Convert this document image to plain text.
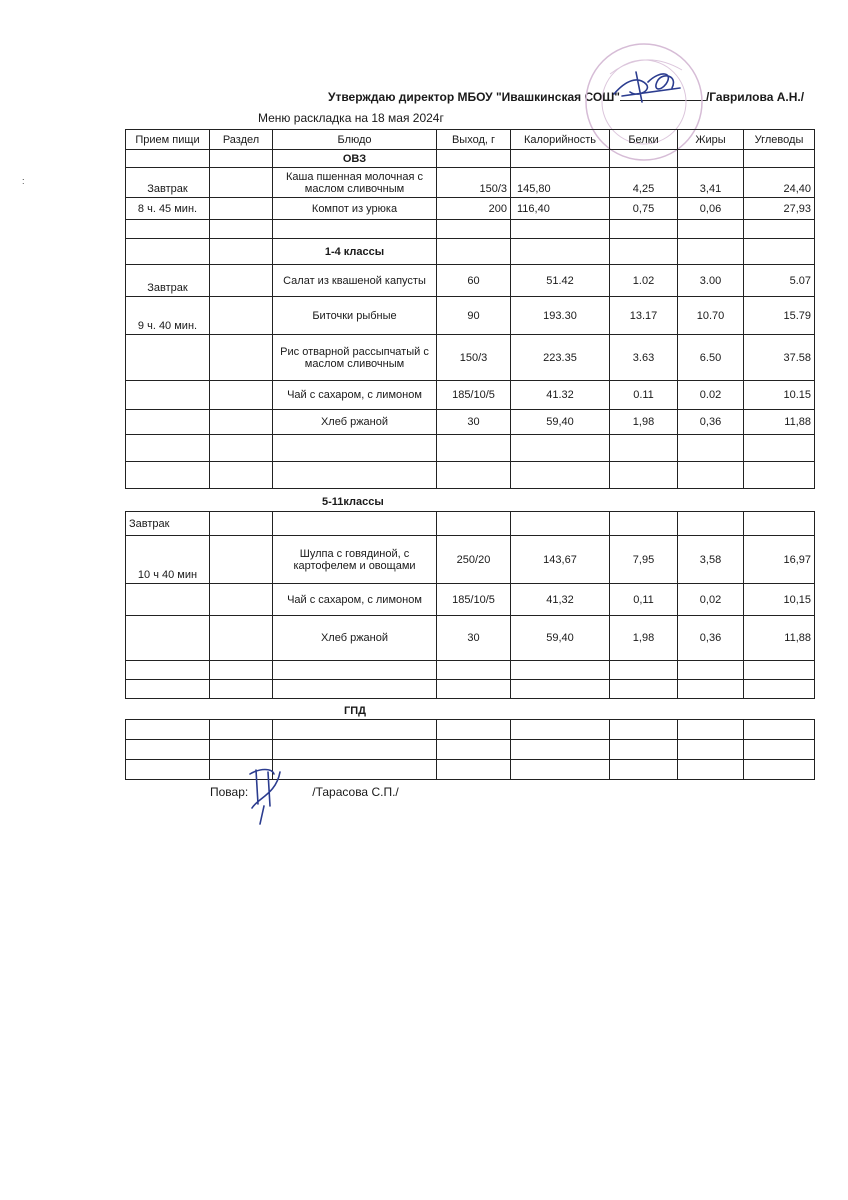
Утверждаю директор МБОУ "Ивашкинская СОШ"	/Гаврилова А.Н./
Меню раскладка на 18 мая 2024г
:
Прием пищи	Раздел	Блюдо	Выход, г	Калорийность	Белки	Жиры	Углеводы
		ОВЗ					
Завтрак		Каша пшенная молочная с маслом сливочным	150/3	145,80	4,25	3,41	24,40
8 ч. 45 мин.		Компот из урюка	200	116,40	0,75	0,06	27,93

		1-4 классы					
Завтрак		Салат из квашеной капусты	60	51.42	1.02	3.00	5.07
9 ч. 40 мин.		Биточки рыбные	90	193.30	13.17	10.70	15.79
		Рис отварной рассыпчатый с маслом сливочным	150/3	223.35	3.63	6.50	37.58
		Чай с сахаром, с лимоном	185/10/5	41.32	0.11	0.02	10.15
		Хлеб ржаной	30	59,40	1,98	0,36	11,88

5-11классы
Завтрак							
10 ч 40 мин		Шулпа с говядиной, с картофелем и овощами	250/20	143,67	7,95	3,58	16,97
		Чай с сахаром, с лимоном	185/10/5	41,32	0,11	0,02	10,15
		Хлеб ржаной	30	59,40	1,98	0,36	11,88

ГПД

Повар:	/Тарасова С.П./
